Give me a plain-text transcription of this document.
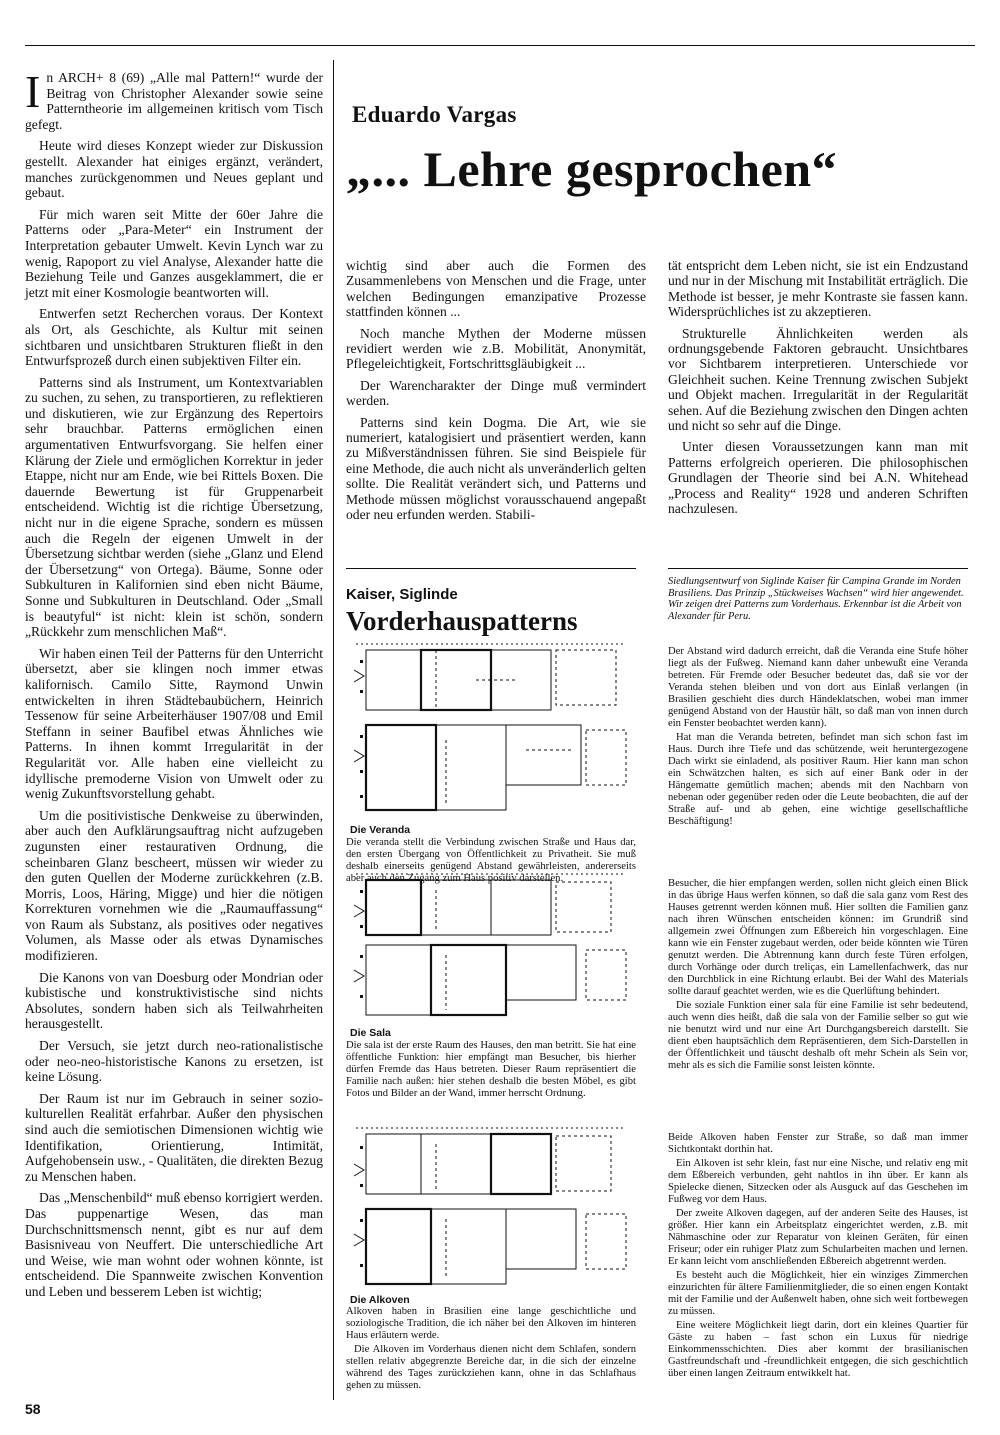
In ARCH+ 8 (69) „Alle mal Pattern!“ wurde der Beitrag von Christopher Alexander sowie seine Patterntheorie im allgemeinen kritisch vom Tisch gefegt.

Heute wird dieses Konzept wieder zur Diskussion gestellt. Alexander hat einiges ergänzt, verändert, manches zurückgenommen und Neues geplant und gebaut.

Für mich waren seit Mitte der 60er Jahre die Patterns oder „Para-Meter“ ein Instrument der Interpretation gebauter Umwelt. Kevin Lynch war zu wenig, Rapoport zu viel Analyse, Alexander hatte die Beziehung Teile und Ganzes ausgeklammert, die er jetzt mit einer Kosmologie beantworten will.

Entwerfen setzt Recherchen voraus. Der Kontext als Ort, als Geschichte, als Kultur mit seinen sichtbaren und unsichtbaren Strukturen fließt in den Entwurfsprozeß durch einen subjektiven Filter ein.

Patterns sind als Instrument, um Kontextvariablen zu suchen, zu sehen, zu transportieren, zu reflektieren und diskutieren, wie zur Ergänzung des Repertoirs sehr brauchbar. Patterns ermöglichen einen argumentativen Entwurfsvorgang. Sie helfen einer Klärung der Ziele und ermöglichen Korrektur in jeder Etappe, nicht nur am Ende, wie bei Rittels Boxen. Die dauernde Bewertung ist für Gruppenarbeit entscheidend. Wichtig ist die richtige Übersetzung, nicht nur in die eigene Sprache, sondern es müssen auch die Regeln der eigenen Umwelt in der Übersetzung sichtbar werden (siehe „Glanz und Elend der Übersetzung“ von Ortega). Bäume, Sonne oder Subkulturen in Kalifornien sind eben nicht Bäume, Sonne und Subkulturen in Deutschland. Oder „Small is beautyful“ ist nicht: klein ist schön, sondern „Rückkehr zum menschlichen Maß“.

Wir haben einen Teil der Patterns für den Unterricht übersetzt, aber sie klingen noch immer etwas kalifornisch. Camilo Sitte, Raymond Unwin entwickelten in ihren Städtebaubüchern, Heinrich Tessenow für seine Arbeiterhäuser 1907/08 und Emil Steffann in seiner Baufibel etwas Ähnliches wie Patterns. In ihnen kommt Irregularität in der Regularität vor. Alle haben eine vielleicht zu idyllische premoderne Vision von Umwelt oder zu wenig Zukunftsvorstellung gehabt.

Um die positivistische Denkweise zu überwinden, aber auch den Aufklärungsauftrag nicht aufzugeben zugunsten einer restaurativen Ordnung, die scheinbaren Glanz bescheert, müssen wir wieder zu den guten Quellen der Moderne zurückkehren (z.B. Morris, Loos, Häring, Migge) und hier die nötigen Korrekturen vornehmen wie die „Raumauffassung“ von Raum als Substanz, als positives oder negatives Volumen, als Masse oder als etwas Dynamisches modifizieren.

Die Kanons von van Doesburg oder Mondrian oder kubistische und konstruktivistische sind nichts Absolutes, sondern haben sich als Teilwahrheiten herausgestellt.

Der Versuch, sie jetzt durch neo-rationalistische oder neo-neo-historistische Kanons zu ersetzen, ist keine Lösung.

Der Raum ist nur im Gebrauch in seiner sozio-kulturellen Realität erfahrbar. Außer den physischen sind auch die semiotischen Dimensionen wichtig wie Identifikation, Orientierung, Intimität, Aufgehobensein usw., - Qualitäten, die direkten Bezug zu Menschen haben.

Das „Menschenbild“ muß ebenso korrigiert werden. Das puppenartige Wesen, das man Durchschnittsmensch nennt, gibt es nur auf dem Basisniveau von Neuffert. Die unterschiedliche Art und Weise, wie man wohnt oder wohnen könnte, ist entscheidend. Die Spannweite zwischen Konvention und Leben und besserem Leben ist wichtig;

Eduardo Vargas
„... Lehre gesprochen“

wichtig sind aber auch die Formen des Zusammenlebens von Menschen und die Frage, unter welchen Bedingungen emanzipative Prozesse stattfinden können ...

Noch manche Mythen der Moderne müssen revidiert werden wie z.B. Mobilität, Anonymität, Pflegeleichtigkeit, Fortschrittsgläubigkeit ...

Der Warencharakter der Dinge muß vermindert werden.

Patterns sind kein Dogma. Die Art, wie sie numeriert, katalogisiert und präsentiert werden, kann zu Mißverständnissen führen. Sie sind Beispiele für eine Methode, die auch nicht als unveränderlich gelten sollte. Die Realität verändert sich, und Patterns und Methode müssen möglichst vorausschauend angepaßt oder neu erfunden werden. Stabili-

tät entspricht dem Leben nicht, sie ist ein Endzustand und nur in der Mischung mit Instabilität erträglich. Die Methode ist besser, je mehr Kontraste sie fassen kann. Widersprüchliches ist zu akzeptieren.

Strukturelle Ähnlichkeiten werden als ordnungsgebende Faktoren gebraucht. Unsichtbares vor Sichtbarem interpretieren. Unterschiede vor Gleichheit suchen. Keine Trennung zwischen Subjekt und Objekt machen. Irregularität in der Regularität sehen. Auf die Beziehung zwischen den Dingen achten und nicht so sehr auf die Dinge.

Unter diesen Voraussetzungen kann man mit Patterns erfolgreich operieren. Die philosophischen Grundlagen der Theorie sind bei A.N. Whitehead „Process and Reality“ 1928 und anderen Schriften nachzulesen.

Kaiser, Siglinde
Vorderhauspatterns

Siedlungsentwurf von Siglinde Kaiser für Campina Grande im Norden Brasiliens. Das Prinzip „Stückweises Wachsen“ wird hier angewendet.

Wir zeigen drei Patterns zum Vorderhaus. Erkennbar ist die Arbeit von Alexander für Peru.

Die Veranda

Die veranda stellt die Verbindung zwischen Straße und Haus dar, den ersten Übergang von Öffentlichkeit zu Privatheit. Sie muß deshalb einerseits genügend Abstand gewährleisten, andererseits aber auch den Zugang zum Haus positiv darstellen.

Der Abstand wird dadurch erreicht, daß die Veranda eine Stufe höher liegt als der Fußweg. Niemand kann daher unbewußt eine Veranda betreten. Für Fremde oder Besucher bedeutet das, daß sie vor der Veranda stehen bleiben und von dort aus Einlaß verlangen (in Brasilien geschieht dies durch Händeklatschen, wobei man immer genügend Abstand von der Haustür hält, so daß man von innen durch ein Fenster beobachtet werden kann).

Hat man die Veranda betreten, befindet man sich schon fast im Haus. Durch ihre Tiefe und das schützende, weit heruntergezogene Dach wirkt sie einladend, als positiver Raum. Hier kann man schon ein Schwätzchen halten, es sich auf einer Bank oder in der Hängematte gemütlich machen; abends mit den Nachbarn von nebenan oder gegenüber reden oder die Leute beobachten, die auf der Straße auf- und ab gehen, eine wichtige gesellschaftliche Beschäftigung!

Die Sala

Die sala ist der erste Raum des Hauses, den man betritt. Sie hat eine öffentliche Funktion: hier empfängt man Besucher, bis hierher dürfen Fremde das Haus betreten. Dieser Raum repräsentiert die Familie nach außen: hier stehen deshalb die besten Möbel, es gibt Fotos und Bilder an der Wand, immer herrscht Ordnung.

Besucher, die hier empfangen werden, sollen nicht gleich einen Blick in das übrige Haus werfen können, so daß die sala ganz vom Rest des Hauses getrennt werden können muß. Hier sollten die Familien ganz nach ihren Wünschen entscheiden können: im Grundriß sind allgemein zwei Öffnungen zum Eßbereich hin vorgeschlagen. Eine kann wie ein Fenster zugebaut werden, oder beide könnten wie Türen genutzt werden. Die Abtrennung kann durch feste Türen erfolgen, durch Vorhänge oder durch treliças, ein Lamellenfachwerk, das nur den Durchblick in eine Richtung erlaubt. Bei der Wahl des Materials sollte darauf geachtet werden, wie es die Querlüftung behindert.

Die soziale Funktion einer sala für eine Familie ist sehr bedeutend, auch wenn dies heißt, daß die sala von der Familie selber so gut wie nie benutzt wird und nur eine Art Durchgangsbereich darstellt. Sie dient eben hauptsächlich dem Repräsentieren, dem Sich-Darstellen in der Öffentlichkeit und täuscht deshalb oft mehr Schein als Sein vor, mehr als es sich die Familie sonst leisten könnte.

Die Alkoven

Alkoven haben in Brasilien eine lange geschichtliche und soziologische Tradition, die ich näher bei den Alkoven im hinteren Haus erläutern werde.

Die Alkoven im Vorderhaus dienen nicht dem Schlafen, sondern stellen relativ abgegrenzte Bereiche dar, in die sich der einzelne während des Tages zurückziehen kann, ohne in das Schlafhaus gehen zu müssen.

Beide Alkoven haben Fenster zur Straße, so daß man immer Sichtkontakt dorthin hat.

Ein Alkoven ist sehr klein, fast nur eine Nische, und relativ eng mit dem Eßbereich verbunden, geht nahtlos in ihn über. Er kann als Spielecke dienen, Sitzecken oder als Ausguck auf das Geschehen im Fußweg vor dem Haus.

Der zweite Alkoven dagegen, auf der anderen Seite des Hauses, ist größer. Hier kann ein Arbeitsplatz eingerichtet werden, z.B. mit Nähmaschine oder zur Reparatur von kleinen Geräten, für einen Friseur; oder ein ruhiger Platz zum Schularbeiten machen und lernen. Er kann leicht vom anschließenden Eßbereich abgetrennt werden.

Es besteht auch die Möglichkeit, hier ein winziges Zimmerchen einzurichten für ältere Familienmitglieder, die so einen engen Kontakt mit der Familie und der Außenwelt haben, ohne sich weit fortbewegen zu müssen.

Eine weitere Möglichkeit liegt darin, dort ein kleines Quartier für Gäste zu haben – fast schon ein Luxus für niedrige Einkommensschichten. Dies aber kommt der brasilianischen Gastfreundschaft und -freundlichkeit entgegen, die sich geschichtlich über einen langen Zeitraum entwikkelt hat.

58
